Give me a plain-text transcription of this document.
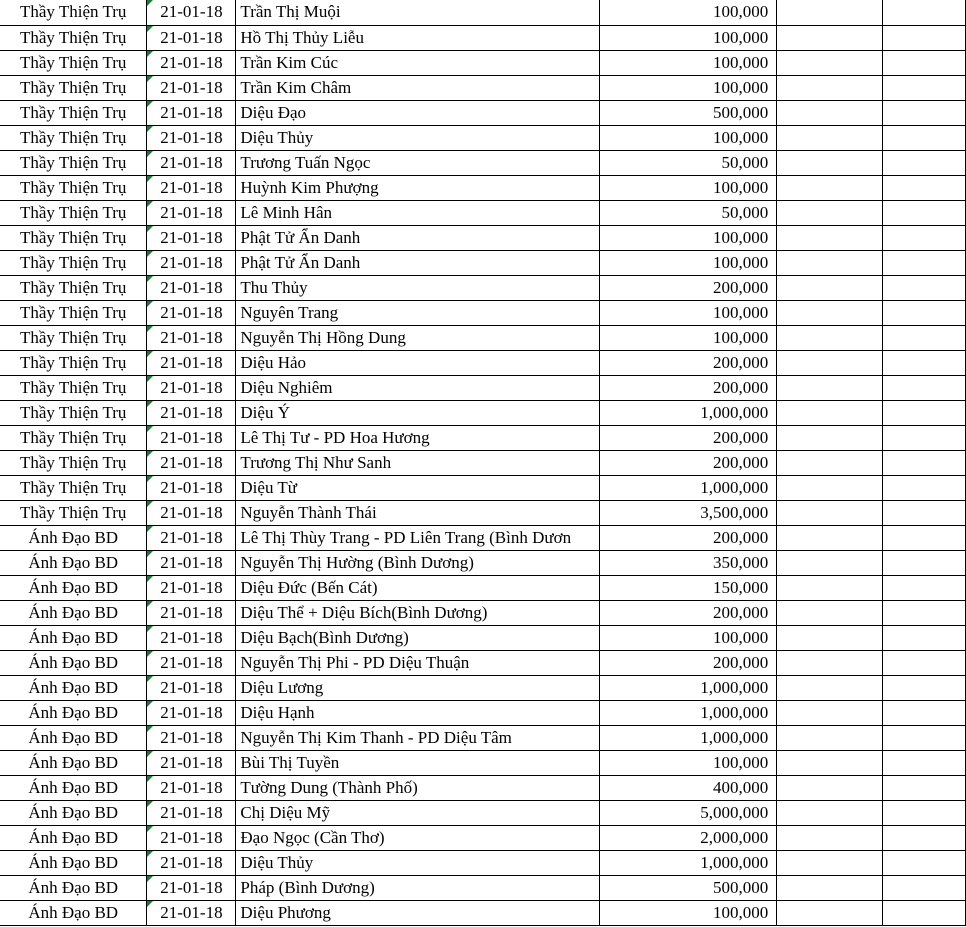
Thầy Thiện Trụ	21-01-18	Trần Thị Muội	100,000		
Thầy Thiện Trụ	21-01-18	Hồ Thị Thủy Liễu	100,000		
Thầy Thiện Trụ	21-01-18	Trần Kim Cúc	100,000		
Thầy Thiện Trụ	21-01-18	Trần Kim Châm	100,000		
Thầy Thiện Trụ	21-01-18	Diệu Đạo	500,000		
Thầy Thiện Trụ	21-01-18	Diệu Thủy	100,000		
Thầy Thiện Trụ	21-01-18	Trương Tuấn Ngọc	50,000		
Thầy Thiện Trụ	21-01-18	Huỳnh Kim Phượng	100,000		
Thầy Thiện Trụ	21-01-18	Lê Minh Hân	50,000		
Thầy Thiện Trụ	21-01-18	Phật Tử Ẩn Danh	100,000		
Thầy Thiện Trụ	21-01-18	Phật Tử Ẩn Danh	100,000		
Thầy Thiện Trụ	21-01-18	Thu Thủy	200,000		
Thầy Thiện Trụ	21-01-18	Nguyên Trang	100,000		
Thầy Thiện Trụ	21-01-18	Nguyễn Thị Hồng Dung	100,000		
Thầy Thiện Trụ	21-01-18	Diệu Hảo	200,000		
Thầy Thiện Trụ	21-01-18	Diệu Nghiêm	200,000		
Thầy Thiện Trụ	21-01-18	Diệu Ý	1,000,000		
Thầy Thiện Trụ	21-01-18	Lê Thị Tư - PD Hoa Hương	200,000		
Thầy Thiện Trụ	21-01-18	Trương Thị Như Sanh	200,000		
Thầy Thiện Trụ	21-01-18	Diệu Từ	1,000,000		
Thầy Thiện Trụ	21-01-18	Nguyễn Thành Thái	3,500,000		
Ánh Đạo BD	21-01-18	Lê Thị Thùy Trang - PD Liên Trang (Bình Dươn	200,000		
Ánh Đạo BD	21-01-18	Nguyễn Thị Hường (Bình Dương)	350,000		
Ánh Đạo BD	21-01-18	Diệu Đức (Bến Cát)	150,000		
Ánh Đạo BD	21-01-18	Diệu Thể + Diệu Bích(Bình Dương)	200,000		
Ánh Đạo BD	21-01-18	Diệu Bạch(Bình Dương)	100,000		
Ánh Đạo BD	21-01-18	Nguyễn Thị Phi - PD Diệu Thuận	200,000		
Ánh Đạo BD	21-01-18	Diệu Lương	1,000,000		
Ánh Đạo BD	21-01-18	Diệu Hạnh	1,000,000		
Ánh Đạo BD	21-01-18	Nguyễn Thị Kim Thanh - PD Diệu Tâm	1,000,000		
Ánh Đạo BD	21-01-18	Bùi Thị Tuyền	100,000		
Ánh Đạo BD	21-01-18	Tường Dung (Thành Phố)	400,000		
Ánh Đạo BD	21-01-18	Chị Diệu Mỹ	5,000,000		
Ánh Đạo BD	21-01-18	Đạo Ngọc (Cần Thơ)	2,000,000		
Ánh Đạo BD	21-01-18	Diệu Thủy	1,000,000		
Ánh Đạo BD	21-01-18	Pháp (Bình Dương)	500,000		
Ánh Đạo BD	21-01-18	Diệu Phương	100,000		
